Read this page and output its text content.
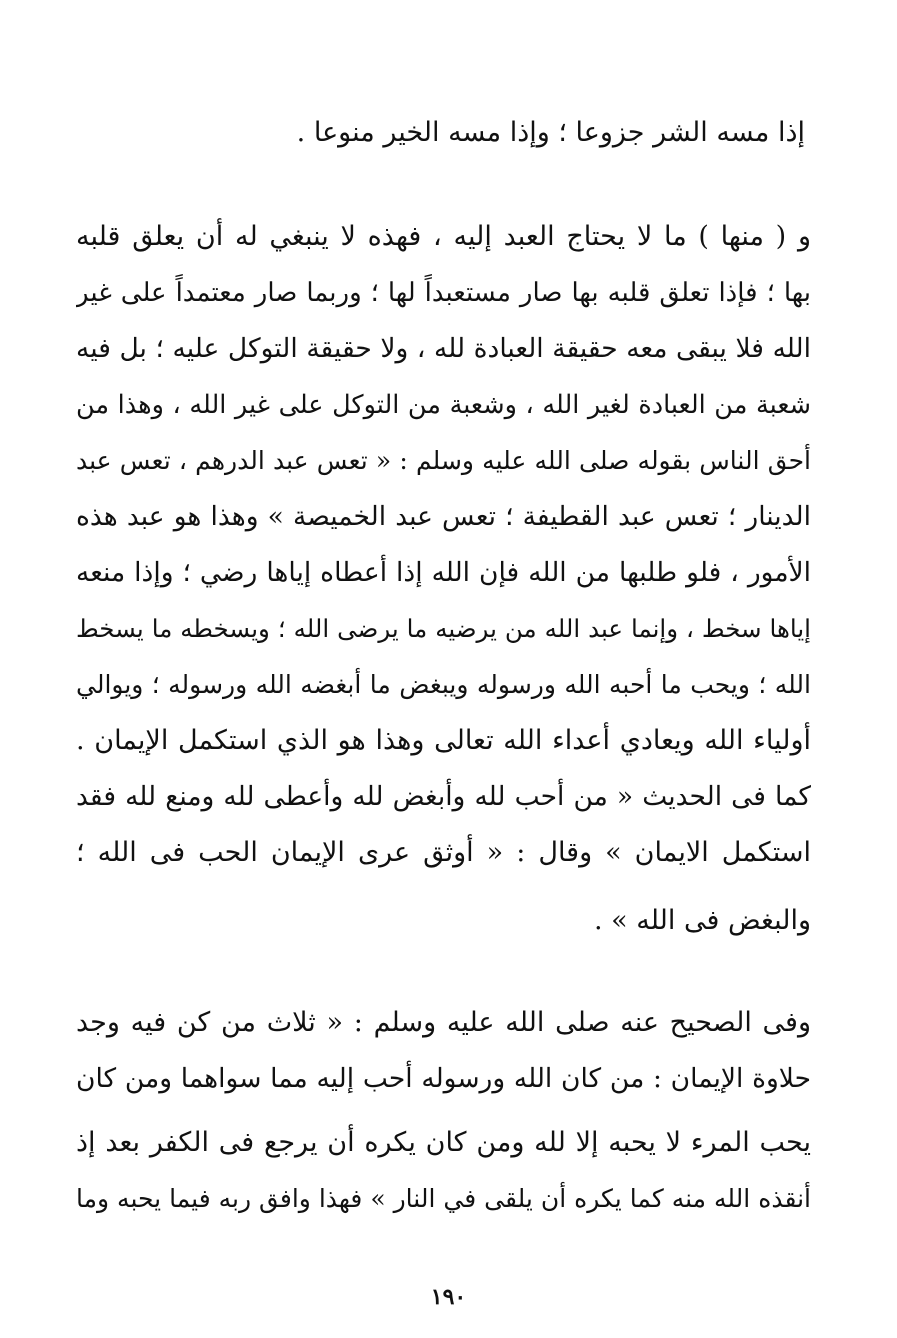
إذا مسه الشر جزوعا ؛ وإذا مسه الخير منوعا .
و ( منها ) ما لا يحتاج العبد إليه ، فهذه لا ينبغي له أن يعلق قلبه
بها ؛ فإذا تعلق قلبه بها صار مستعبداً لها ؛ وربما صار معتمداً على غير
الله فلا يبقى معه حقيقة العبادة لله ، ولا حقيقة التوكل عليه ؛ بل فيه
شعبة من العبادة لغير الله ، وشعبة من التوكل على غير الله ، وهذا من
أحق الناس بقوله صلى الله عليه وسلم : « تعس عبد الدرهم ، تعس عبد
الدينار ؛ تعس عبد القطيفة ؛ تعس عبد الخميصة » وهذا هو عبد هذه
الأمور ، فلو طلبها من الله فإن الله إذا أعطاه إياها رضي ؛ وإذا منعه
إياها سخط ، وإنما عبد الله من يرضيه ما يرضى الله ؛ ويسخطه ما يسخط
الله ؛ ويحب ما أحبه الله ورسوله ويبغض ما أبغضه الله ورسوله ؛ ويوالي
أولياء الله ويعادي أعداء الله تعالى وهذا هو الذي استكمل الإيمان .
كما فى الحديث « من أحب لله وأبغض لله وأعطى لله ومنع لله فقد
استكمل الايمان » وقال : « أوثق عرى الإيمان الحب فى الله ؛
والبغض فى الله » .
وفى الصحيح عنه صلى الله عليه وسلم : « ثلاث من كن فيه وجد
حلاوة الإيمان : من كان الله ورسوله أحب إليه مما سواهما ومن كان
يحب المرء لا يحبه إلا لله ومن كان يكره أن يرجع فى الكفر بعد إذ
أنقذه الله منه كما يكره أن يلقى في النار » فهذا وافق ربه فيما يحبه وما
١٩٠
